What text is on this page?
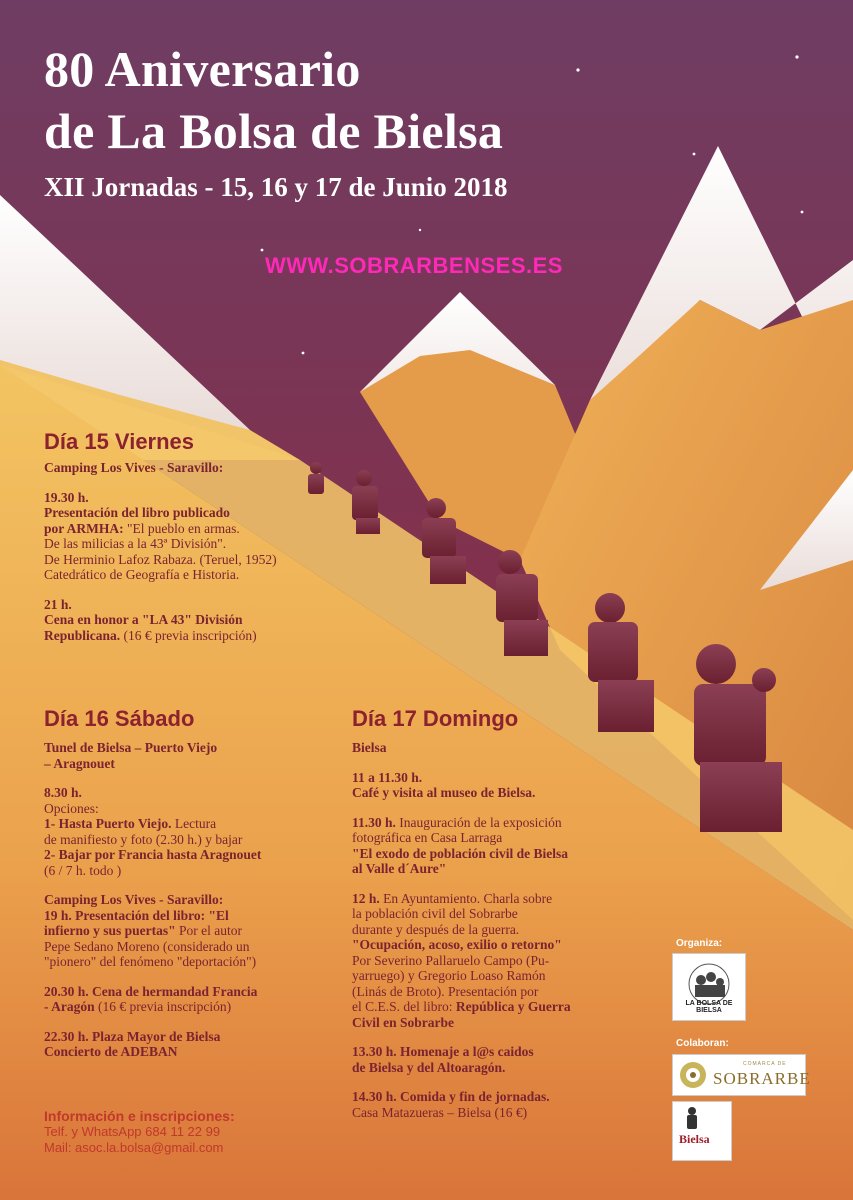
80 Aniversario
de La Bolsa de Bielsa
XII Jornadas - 15, 16 y 17 de Junio 2018
WWW.SOBRARBENSES.ES
Día 15 Viernes

Camping Los Vives - Saravillo:

19.30 h.
Presentación del libro publicado
por ARMHA: "El pueblo en armas.
De las milicias a la 43ª División".
De Herminio Lafoz Rabaza. (Teruel, 1952)
Catedrático de Geografía e Historia.

21 h.
Cena en honor a "LA 43" División
Republicana. (16 € previa inscripción)

Día 16 Sábado

Tunel de Bielsa – Puerto Viejo
– Aragnouet

8.30 h.
Opciones:
1- Hasta Puerto Viejo. Lectura
de manifiesto y foto (2.30 h.) y bajar
2- Bajar por Francia hasta Aragnouet
(6 / 7 h. todo )

Camping Los Vives - Saravillo:
19 h. Presentación del libro: "El
infierno y sus puertas" Por el autor
Pepe Sedano Moreno (considerado un
"pionero" del fenómeno "deportación")

20.30 h. Cena de hermandad Francia
- Aragón (16 € previa inscripción)

22.30 h. Plaza Mayor de Bielsa
Concierto de ADEBAN

Información e inscripciones:
Telf. y WhatsApp 684 11 22 99
Mail: asoc.la.bolsa@gmail.com
Día 17 Domingo

Bielsa

11 a 11.30 h.
Café y visita al museo de Bielsa.

11.30 h. Inauguración de la exposición
fotográfica en Casa Larraga
"El exodo de población civil de Bielsa
al Valle d´Aure"

12 h. En Ayuntamiento. Charla sobre
la población civil del Sobrarbe
durante y después de la guerra.
"Ocupación, acoso, exilio o retorno"
Por Severino Pallaruelo Campo (Pu-
yarruego) y Gregorio Loaso Ramón
(Linás de Broto). Presentación por
el C.E.S. del libro: República y Guerra
Civil en Sobrarbe

13.30 h. Homenaje a l@s caidos
de Bielsa y del Altoaragón.

14.30 h. Comida y fin de jornadas.
Casa Matazueras – Bielsa (16 €)

Organiza:
LA BOLSA DE BIELSA
Colaboran:
COMARCA DE
SOBRARBE
Bielsa
